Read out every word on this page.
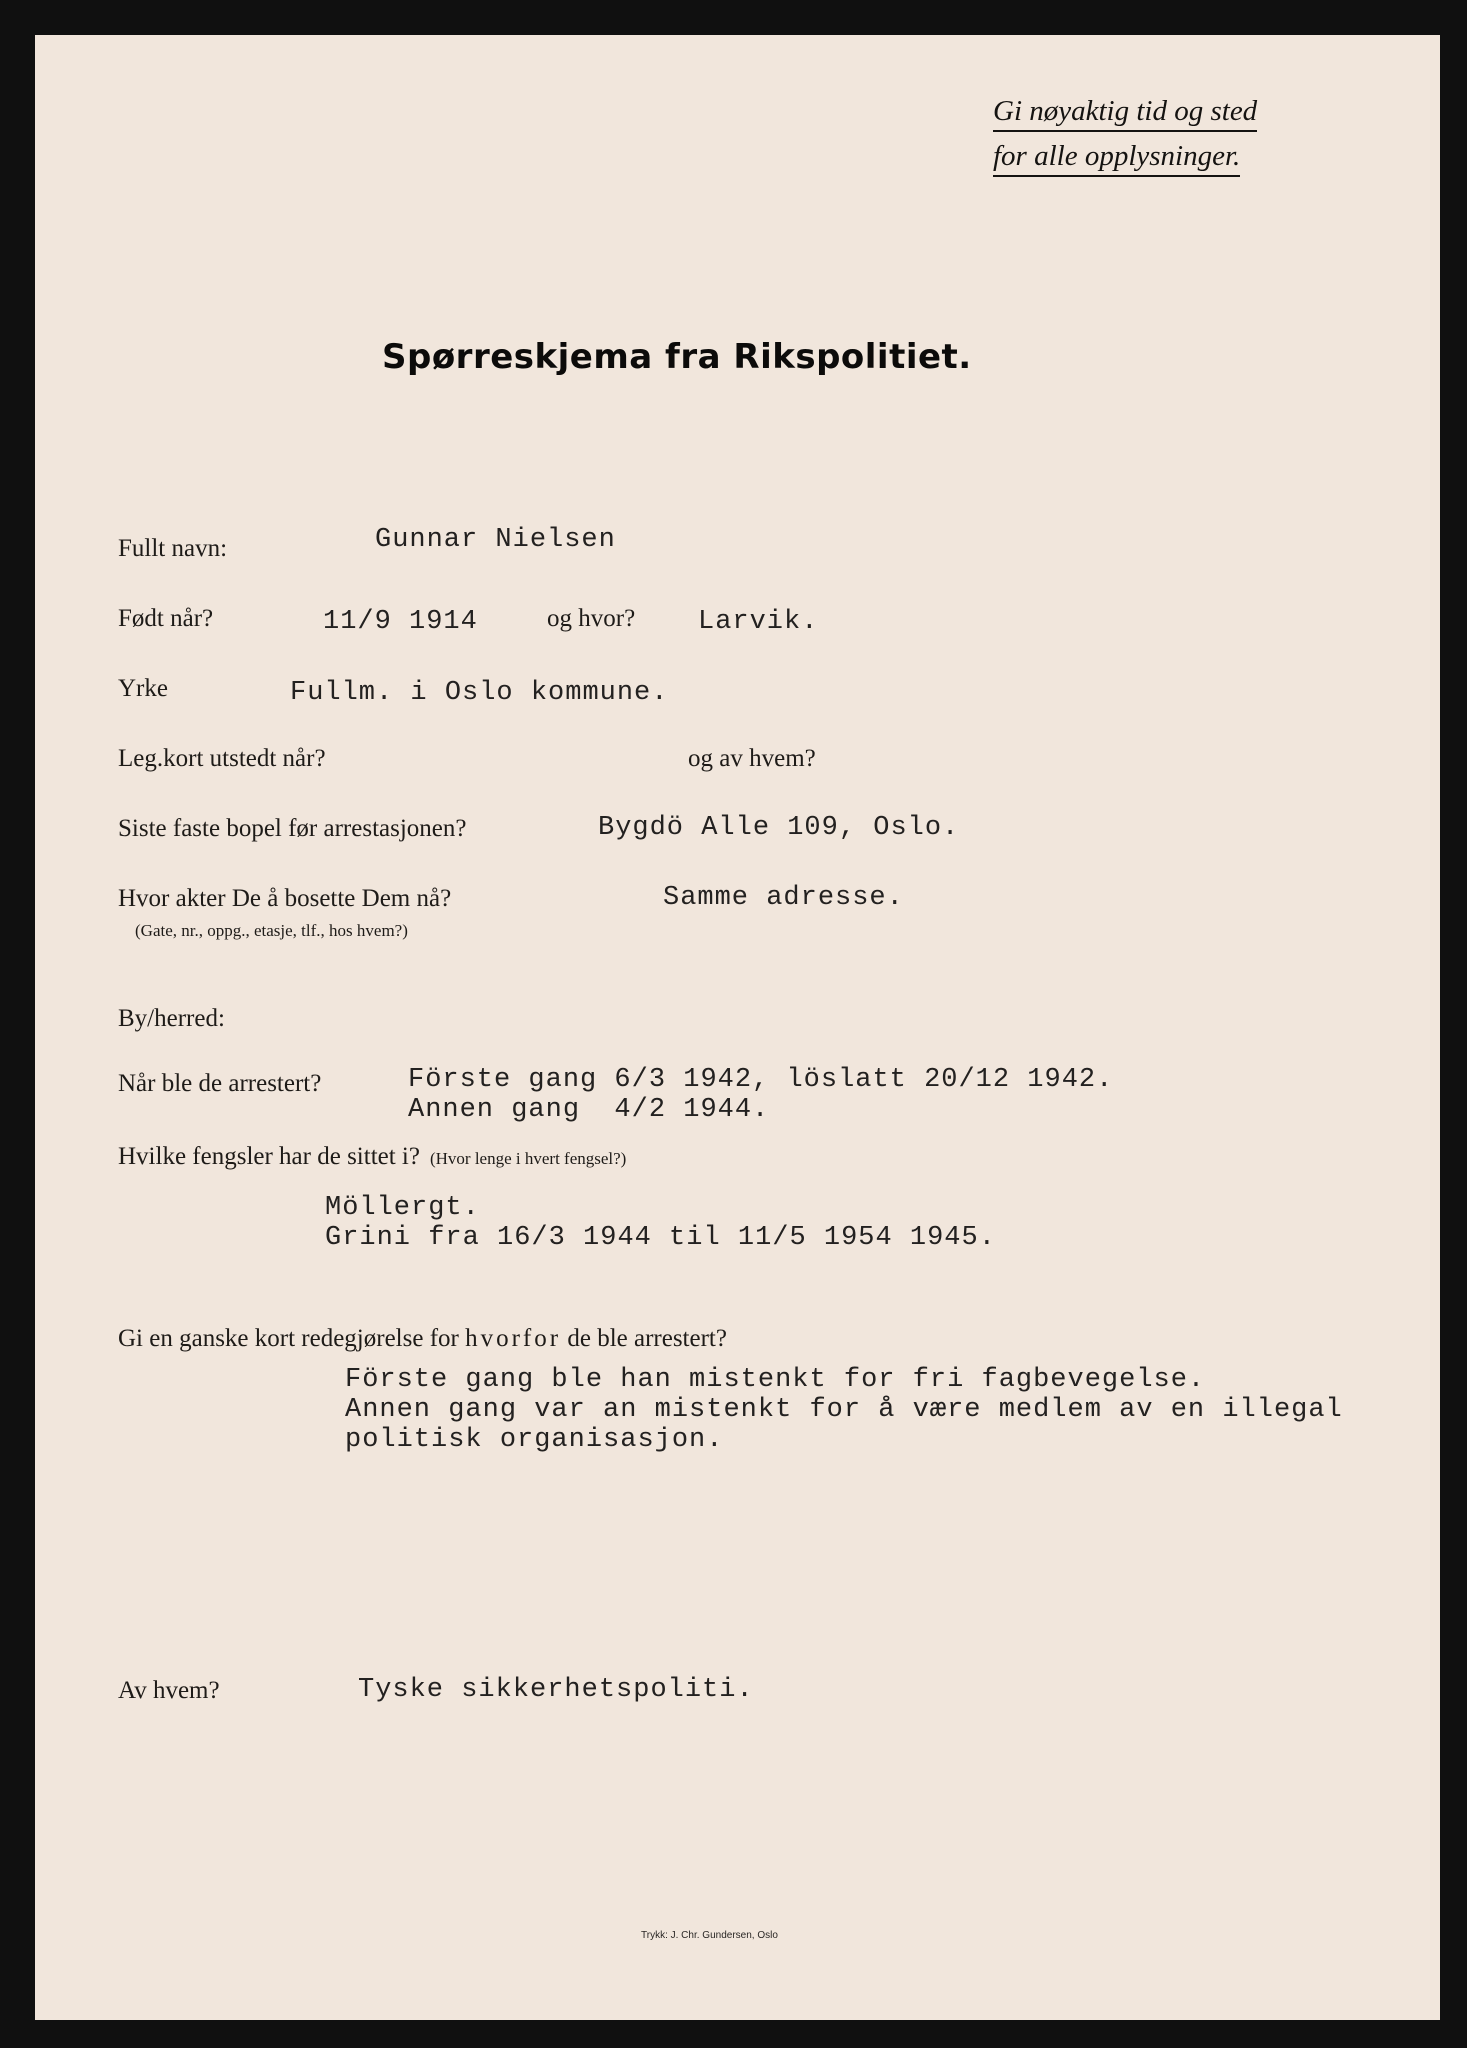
Gi nøyaktig tid og sted
for alle opplysninger.
Spørreskjema fra Rikspolitiet.
Fullt navn:	Gunnar Nielsen
Født når?	11/9 1914	og hvor? Larvik.
Yrke	Fullm. i Oslo kommune.
Leg.kort utstedt når?	og av hvem?
Siste faste bopel før arrestasjonen?	Bygdö Alle 109, Oslo.
Hvor akter De å bosette Dem nå?
(Gate, nr., oppg., etasje, tlf., hos hvem?)
Samme adresse.
By/herred:
Når ble de arrestert?	Förste gang 6/3 1942, löslatt 20/12 1942.
Annen gang  4/2 1944.
Hvilke fengsler har de sittet i? (Hvor lenge i hvert fengsel?)
Möllergt.
Grini fra 16/3 1944 til 11/5 1954 1945.
Gi en ganske kort redegjørelse for hvorfor de ble arrestert?
Förste gang ble han mistenkt for fri fagbevegelse.
Annen gang var an mistenkt for å være medlem av en illegal
politisk organisasjon.
Av hvem?	Tyske sikkerhetspoliti.
Trykk: J. Chr. Gundersen, Oslo
